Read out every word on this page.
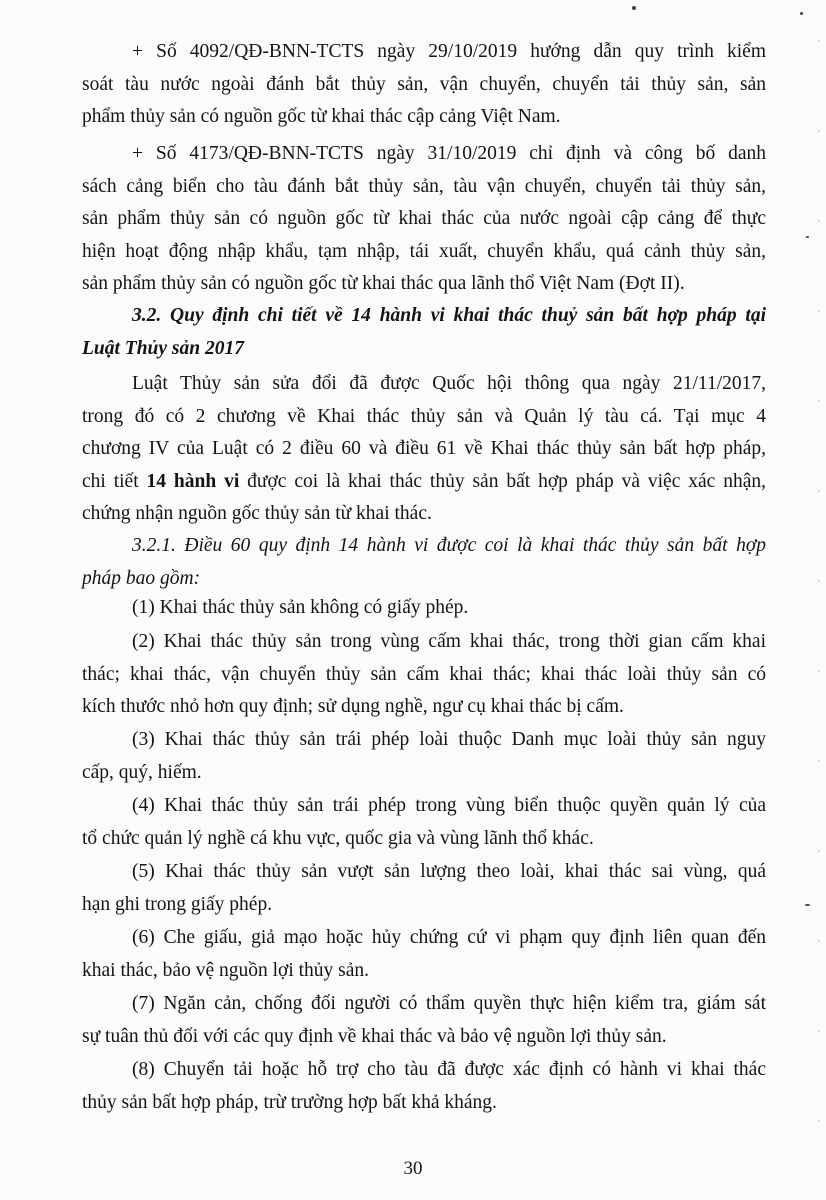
+ Số 4092/QĐ-BNN-TCTS ngày 29/10/2019 hướng dẫn quy trình kiểm
soát tàu nước ngoài đánh bắt thủy sản, vận chuyển, chuyển tải thủy sản, sản
phẩm thủy sản có nguồn gốc từ khai thác cập cảng Việt Nam.

+ Số 4173/QĐ-BNN-TCTS ngày 31/10/2019 chỉ định và công bố danh
sách cảng biển cho tàu đánh bắt thủy sản, tàu vận chuyển, chuyển tải thủy sản,
sản phẩm thủy sản có nguồn gốc từ khai thác của nước ngoài cập cảng để thực
hiện hoạt động nhập khẩu, tạm nhập, tái xuất, chuyển khẩu, quá cảnh thủy sản,
sản phẩm thủy sản có nguồn gốc từ khai thác qua lãnh thổ Việt Nam (Đợt II).

3.2. Quy định chi tiết về 14 hành vi khai thác thuỷ sản bất hợp pháp tại
Luật Thủy sản 2017

Luật Thủy sản sửa đổi đã được Quốc hội thông qua ngày 21/11/2017,
trong đó có 2 chương về Khai thác thủy sản và Quản lý tàu cá. Tại mục 4
chương IV của Luật có 2 điều 60 và điều 61 về Khai thác thủy sản bất hợp pháp,
chi tiết 14 hành vi được coi là khai thác thủy sản bất hợp pháp và việc xác nhận,
chứng nhận nguồn gốc thủy sản từ khai thác.

3.2.1. Điều 60 quy định 14 hành vi được coi là khai thác thủy sản bất hợp
pháp bao gồm:

(1) Khai thác thủy sản không có giấy phép.

(2) Khai thác thủy sản trong vùng cấm khai thác, trong thời gian cấm khai
thác; khai thác, vận chuyển thủy sản cấm khai thác; khai thác loài thủy sản có
kích thước nhỏ hơn quy định; sử dụng nghề, ngư cụ khai thác bị cấm.

(3) Khai thác thủy sản trái phép loài thuộc Danh mục loài thủy sản nguy
cấp, quý, hiếm.

(4) Khai thác thủy sản trái phép trong vùng biển thuộc quyền quản lý của
tổ chức quản lý nghề cá khu vực, quốc gia và vùng lãnh thổ khác.

(5) Khai thác thủy sản vượt sản lượng theo loài, khai thác sai vùng, quá
hạn ghi trong giấy phép.

(6) Che giấu, giả mạo hoặc hủy chứng cứ vi phạm quy định liên quan đến
khai thác, bảo vệ nguồn lợi thủy sản.

(7) Ngăn cản, chống đối người có thẩm quyền thực hiện kiểm tra, giám sát
sự tuân thủ đối với các quy định về khai thác và bảo vệ nguồn lợi thủy sản.

(8) Chuyển tải hoặc hỗ trợ cho tàu đã được xác định có hành vi khai thác
thủy sản bất hợp pháp, trừ trường hợp bất khả kháng.

30
